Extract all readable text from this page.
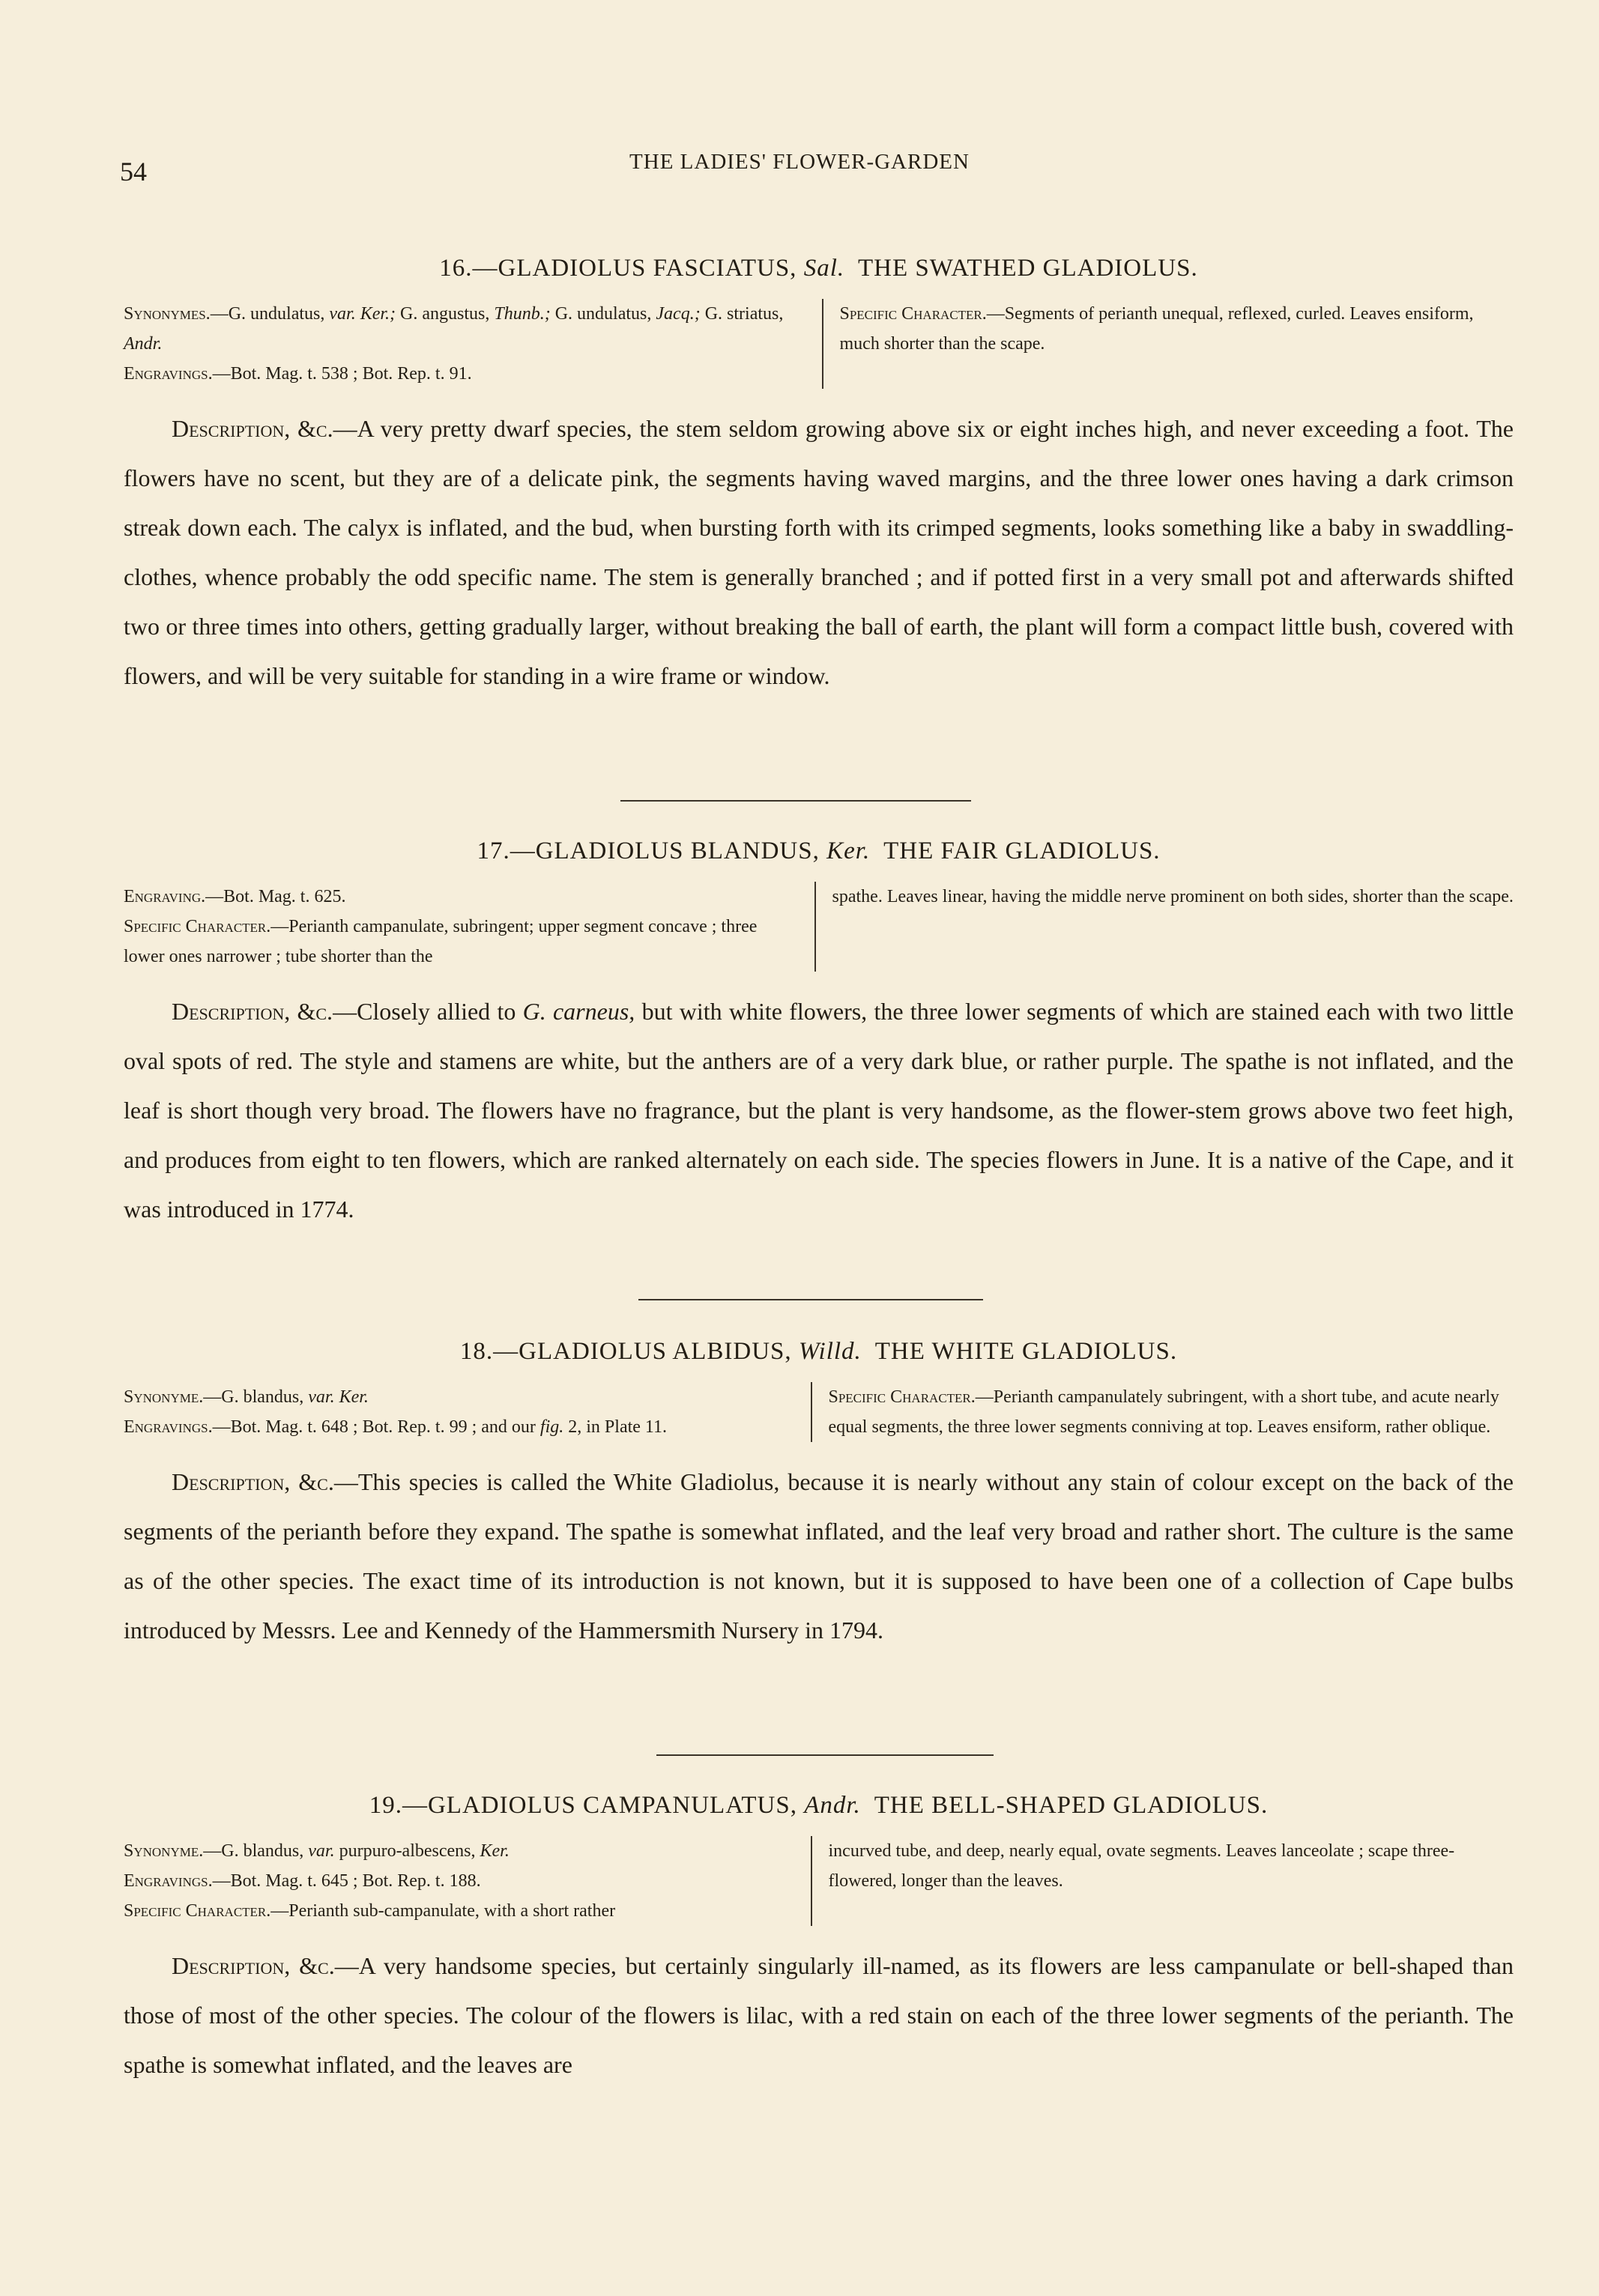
54	THE LADIES' FLOWER-GARDEN
16.—GLADIOLUS FASCIATUS, Sal. THE SWATHED GLADIOLUS.
Synonymes.—G. undulatus, var. Ker.; G. angustus, Thunb.; G. undulatus, Jacq.; G. striatus, Andr.
Engravings.—Bot. Mag. t. 538 ; Bot. Rep. t. 91.
Specific Character.—Segments of perianth unequal, reflexed, curled. Leaves ensiform, much shorter than the scape.

Description, &c.—A very pretty dwarf species, the stem seldom growing above six or eight inches high, and never exceeding a foot. The flowers have no scent, but they are of a delicate pink, the segments having waved margins, and the three lower ones having a dark crimson streak down each. The calyx is inflated, and the bud, when bursting forth with its crimped segments, looks something like a baby in swaddling-clothes, whence probably the odd specific name. The stem is generally branched ; and if potted first in a very small pot and afterwards shifted two or three times into others, getting gradually larger, without breaking the ball of earth, the plant will form a compact little bush, covered with flowers, and will be very suitable for standing in a wire frame or window.

17.—GLADIOLUS BLANDUS, Ker. THE FAIR GLADIOLUS.
Engraving.—Bot. Mag. t. 625.
Specific Character.—Perianth campanulate, subringent; upper segment concave ; three lower ones narrower ; tube shorter than the
spathe. Leaves linear, having the middle nerve prominent on both sides, shorter than the scape.

Description, &c.—Closely allied to G. carneus, but with white flowers, the three lower segments of which are stained each with two little oval spots of red. The style and stamens are white, but the anthers are of a very dark blue, or rather purple. The spathe is not inflated, and the leaf is short though very broad. The flowers have no fragrance, but the plant is very handsome, as the flower-stem grows above two feet high, and produces from eight to ten flowers, which are ranked alternately on each side. The species flowers in June. It is a native of the Cape, and it was introduced in 1774.

18.—GLADIOLUS ALBIDUS, Willd. THE WHITE GLADIOLUS.
Synonyme.—G. blandus, var. Ker.
Engravings.—Bot. Mag. t. 648 ; Bot. Rep. t. 99 ; and our fig. 2, in Plate 11.
Specific Character.—Perianth campanulately subringent, with a short tube, and acute nearly equal segments, the three lower segments conniving at top. Leaves ensiform, rather oblique.

Description, &c.—This species is called the White Gladiolus, because it is nearly without any stain of colour except on the back of the segments of the perianth before they expand. The spathe is somewhat inflated, and the leaf very broad and rather short. The culture is the same as of the other species. The exact time of its introduction is not known, but it is supposed to have been one of a collection of Cape bulbs introduced by Messrs. Lee and Kennedy of the Hammersmith Nursery in 1794.

19.—GLADIOLUS CAMPANULATUS, Andr. THE BELL-SHAPED GLADIOLUS.
Synonyme.—G. blandus, var. purpuro-albescens, Ker.
Engravings.—Bot. Mag. t. 645 ; Bot. Rep. t. 188.
Specific Character.—Perianth sub-campanulate, with a short rather
incurved tube, and deep, nearly equal, ovate segments. Leaves lanceolate ; scape three-flowered, longer than the leaves.

Description, &c.—A very handsome species, but certainly singularly ill-named, as its flowers are less campanulate or bell-shaped than those of most of the other species. The colour of the flowers is lilac, with a red stain on each of the three lower segments of the perianth. The spathe is somewhat inflated, and the leaves are
